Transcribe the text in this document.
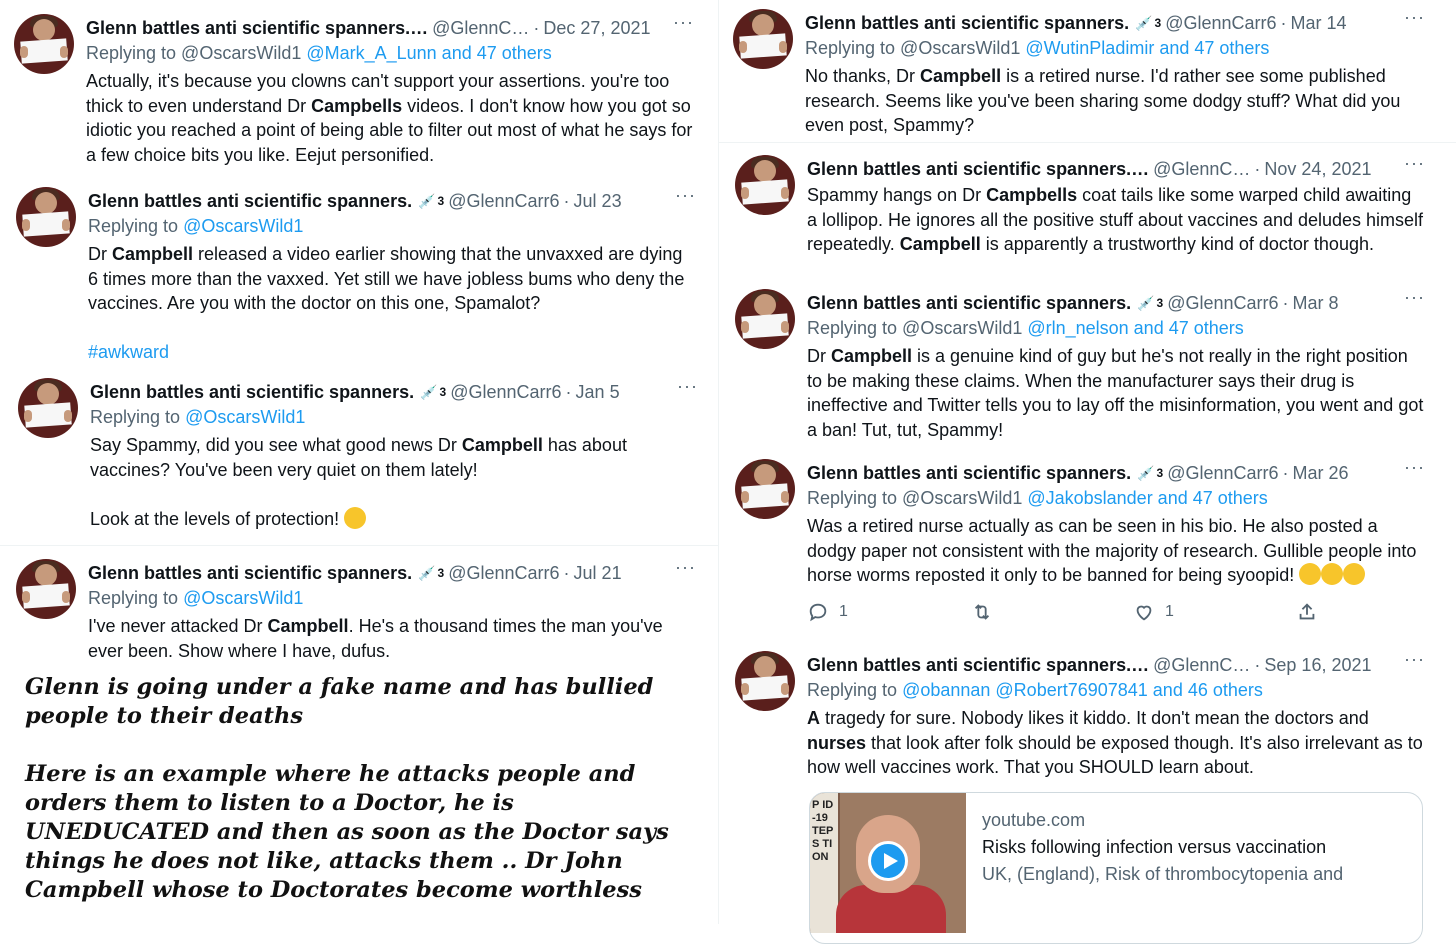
Glenn battles anti scientific spanners.… @GlennC… · Dec 27, 2021 ···
Replying to @OscarsWild1 @Mark_A_Lunn and 47 others
Actually, it's because you clowns can't support your assertions. you're too thick to even understand Dr Campbells videos. I don't know how you got so idiotic you reached a point of being able to filter out most of what he says for a few choice bits you like. Eejut personified.
Glenn battles anti scientific spanners. 💉 3 @GlennCarr6 · Jul 23	···
Replying to @OscarsWild1
Dr Campbell released a video earlier showing that the unvaxxed are dying 6 times more than the vaxxed. Yet still we have jobless bums who deny the vaccines. Are you with the doctor on this one, Spamalot?

#awkward
Glenn battles anti scientific spanners. 💉 3 @GlennCarr6 · Jan 5	···
Replying to @OscarsWild1
Say Spammy, did you see what good news Dr Campbell has about vaccines? You've been very quiet on them lately!

Look at the levels of protection!
Glenn battles anti scientific spanners. 💉 3 @GlennCarr6 · Jul 21	···
Replying to @OscarsWild1
I've never attacked Dr Campbell. He's a thousand times the man you've ever been. Show where I have, dufus.

Glenn is going under a fake name and has bullied people to their deaths

Here is an example where he attacks people and orders them to listen to a Doctor, he is UNEDUCATED and then as soon as the Doctor says things he does not like, attacks them .. Dr John Campbell whose to Doctorates become worthless

Glenn battles anti scientific spanners. 💉 3 @GlennCarr6 · Mar 14	···
Replying to @OscarsWild1 @WutinPladimir and 47 others
No thanks, Dr Campbell is a retired nurse. I'd rather see some published research. Seems like you've been sharing some dodgy stuff? What did you even post, Spammy?
Glenn battles anti scientific spanners.… @GlennC… · Nov 24, 2021 ···
Spammy hangs on Dr Campbells coat tails like some warped child awaiting a lollipop. He ignores all the positive stuff about vaccines and deludes himself repeatedly. Campbell is apparently a trustworthy kind of doctor though.
Glenn battles anti scientific spanners. 💉 3 @GlennCarr6 · Mar 8	···
Replying to @OscarsWild1 @rln_nelson and 47 others
Dr Campbell is a genuine kind of guy but he's not really in the right position to be making these claims. When the manufacturer says their drug is ineffective and Twitter tells you to lay off the misinformation, you went and got a ban! Tut, tut, Spammy!
Glenn battles anti scientific spanners. 💉 3 @GlennCarr6 · Mar 26	···
Replying to @OscarsWild1 @Jakobslander and 47 others
Was a retired nurse actually as can be seen in his bio. He also posted a dodgy paper not consistent with the majority of research. Gullible people into horse worms reposted it only to be banned for being syoopid!
1	1
Glenn battles anti scientific spanners.… @GlennC… · Sep 16, 2021 ···
Replying to @obannan @Robert76907841 and 46 others
A tragedy for sure. Nobody likes it kiddo. It don't mean the doctors and nurses that look after folk should be exposed though. It's also irrelevant as to how well vaccines work. That you SHOULD learn about.
P ID-19 TEPS TION
youtube.com
Risks following infection versus vaccination
UK, (England), Risk of thrombocytopenia and
